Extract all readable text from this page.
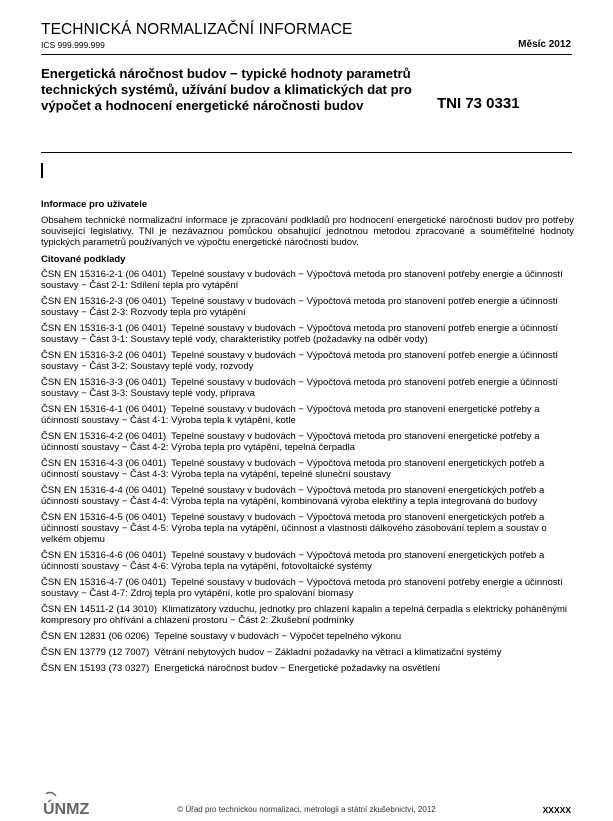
TECHNICKÁ NORMALIZAČNÍ INFORMACE
ICS 999.999.999	Měsíc 2012
Energetická náročnost budov − typické hodnoty parametrů technických systémů, užívání budov a klimatických dat pro výpočet a hodnocení energetické náročnosti budov	TNI 73 0331

Informace pro uživatele

Obsahem technické normalizační informace je zpracování podkladů pro hodnocení energetické náročnosti budov pro potřeby související legislativy. TNI je nezávaznou pomůckou obsahující jednotnou metodou zpracované a souměřitelné hodnoty typických parametrů používaných ve výpočtu energetické náročnosti budov.

Citované podklady

ČSN EN 15316-2-1 (06 0401) Tepelné soustavy v budovách − Výpočtová metoda pro stanovení potřeby energie a účinností soustavy − Část 2-1: Sdílení tepla pro vytápění

ČSN EN 15316-2-3 (06 0401) Tepelné soustavy v budovách − Výpočtová metoda pro stanovení potřeb energie a účinností soustavy − Část 2-3: Rozvody tepla pro vytápění

ČSN EN 15316-3-1 (06 0401) Tepelné soustavy v budovách − Výpočtová metoda pro stanovení potřeb energie a účinností soustavy − Část 3-1: Soustavy teplé vody, charakteristiky potřeb (požadavky na odběr vody)

ČSN EN 15316-3-2 (06 0401) Tepelné soustavy v budovách − Výpočtová metoda pro stanovení potřeb energie a účinností soustavy − Část 3-2: Soustavy teplé vody, rozvody

ČSN EN 15316-3-3 (06 0401) Tepelné soustavy v budovách − Výpočtová metoda pro stanovení potřeb energie a účinností soustavy − Část 3-3: Soustavy teplé vody, příprava

ČSN EN 15316-4-1 (06 0401) Tepelné soustavy v budovách − Výpočtová metoda pro stanovení energetické potřeby a účinností soustavy − Část 4-1: Výroba tepla k vytápění, kotle

ČSN EN 15316-4-2 (06 0401) Tepelné soustavy v budovách − Výpočtová metoda pro stanovení energetické potřeby a účinností soustavy − Část 4-2: Výroba tepla pro vytápění, tepelná čerpadla

ČSN EN 15316-4-3 (06 0401) Tepelné soustavy v budovách − Výpočtová metoda pro stanovení energetických potřeb a účinností soustavy − Část 4-3: Výroba tepla na vytápění, tepelné sluneční soustavy

ČSN EN 15316-4-4 (06 0401) Tepelné soustavy v budovách − Výpočtová metoda pro stanovení energetických potřeb a účinností soustavy − Část 4-4: Výroba tepla na vytápění, kombinovaná výroba elektřiny a tepla integrovaná do budovy

ČSN EN 15316-4-5 (06 0401) Tepelné soustavy v budovách − Výpočtová metoda pro stanovení energetických potřeb a účinností soustavy − Část 4-5: Výroba tepla na vytápění, účinnost a vlastnosti dálkového zásobování teplem a soustav o velkém objemu

ČSN EN 15316-4-6 (06 0401) Tepelné soustavy v budovách − Výpočtová metoda pro stanovení energetických potřeb a účinností soustavy − Část 4-6: Výroba tepla na vytápění, fotovoltaické systémy

ČSN EN 15316-4-7 (06 0401) Tepelné soustavy v budovách − Výpočtová metoda pro stanovení potřeby energie a účinností soustavy − Část 4-7: Zdroj tepla pro vytápění, kotle pro spalování biomasy

ČSN EN 14511-2 (14 3010) Klimatizátory vzduchu, jednotky pro chlazení kapalin a tepelná čerpadla s elektricky poháněnými kompresory pro ohřívání a chlazení prostoru − Část 2: Zkušební podmínky

ČSN EN 12831 (06 0206) Tepelné soustavy v budovách − Výpočet tepelného výkonu

ČSN EN 13779 (12 7007) Větrání nebytových budov − Základní požadavky na větrací a klimatizační systémy

ČSN EN 15193 (73 0327) Energetická náročnost budov − Energetické požadavky na osvětlení

ÚNMZ	© Úřad pro technickou normalizaci, metrologii a státní zkušebnictví, 2012	XXXXX
